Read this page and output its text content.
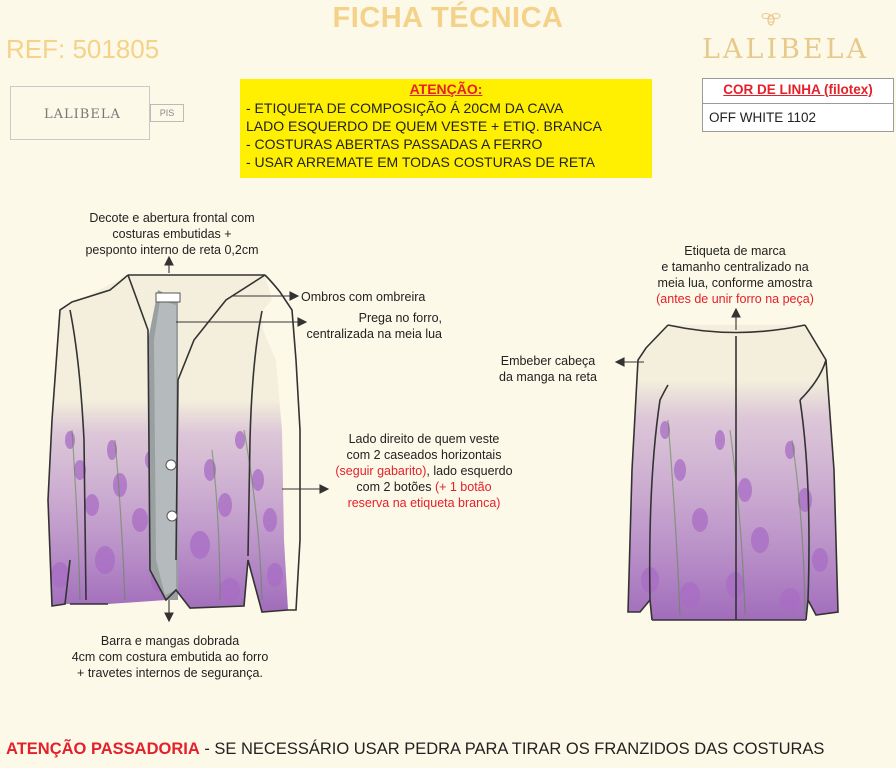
FICHA TÉCNICA
REF: 501805	LALIBELA
LALIBELA	PIS
ATENÇÃO:
- ETIQUETA DE COMPOSIÇÃO Á 20CM DA CAVA
LADO ESQUERDO DE QUEM VESTE + ETIQ. BRANCA
- COSTURAS ABERTAS PASSADAS A FERRO
- USAR ARREMATE EM TODAS COSTURAS DE RETA
COR DE LINHA (filotex)
OFF WHITE 1102
Decote e abertura frontal com
costuras embutidas +
pesponto interno de reta 0,2cm
Ombros com ombreira
Prega no forro,
centralizada na meia lua
Lado direito de quem veste
com 2 caseados horizontais
(seguir gabarito), lado esquerdo
com 2 botões (+ 1 botão
reserva na etiqueta branca)
Barra e mangas dobrada
4cm com costura embutida ao forro
+ travetes internos de segurança.
Etiqueta de marca
e tamanho centralizado na
meia lua, conforme amostra
(antes de unir forro na peça)
Embeber cabeça
da manga na reta
ATENÇÃO PASSADORIA - SE NECESSÁRIO USAR PEDRA PARA TIRAR OS FRANZIDOS DAS COSTURAS
